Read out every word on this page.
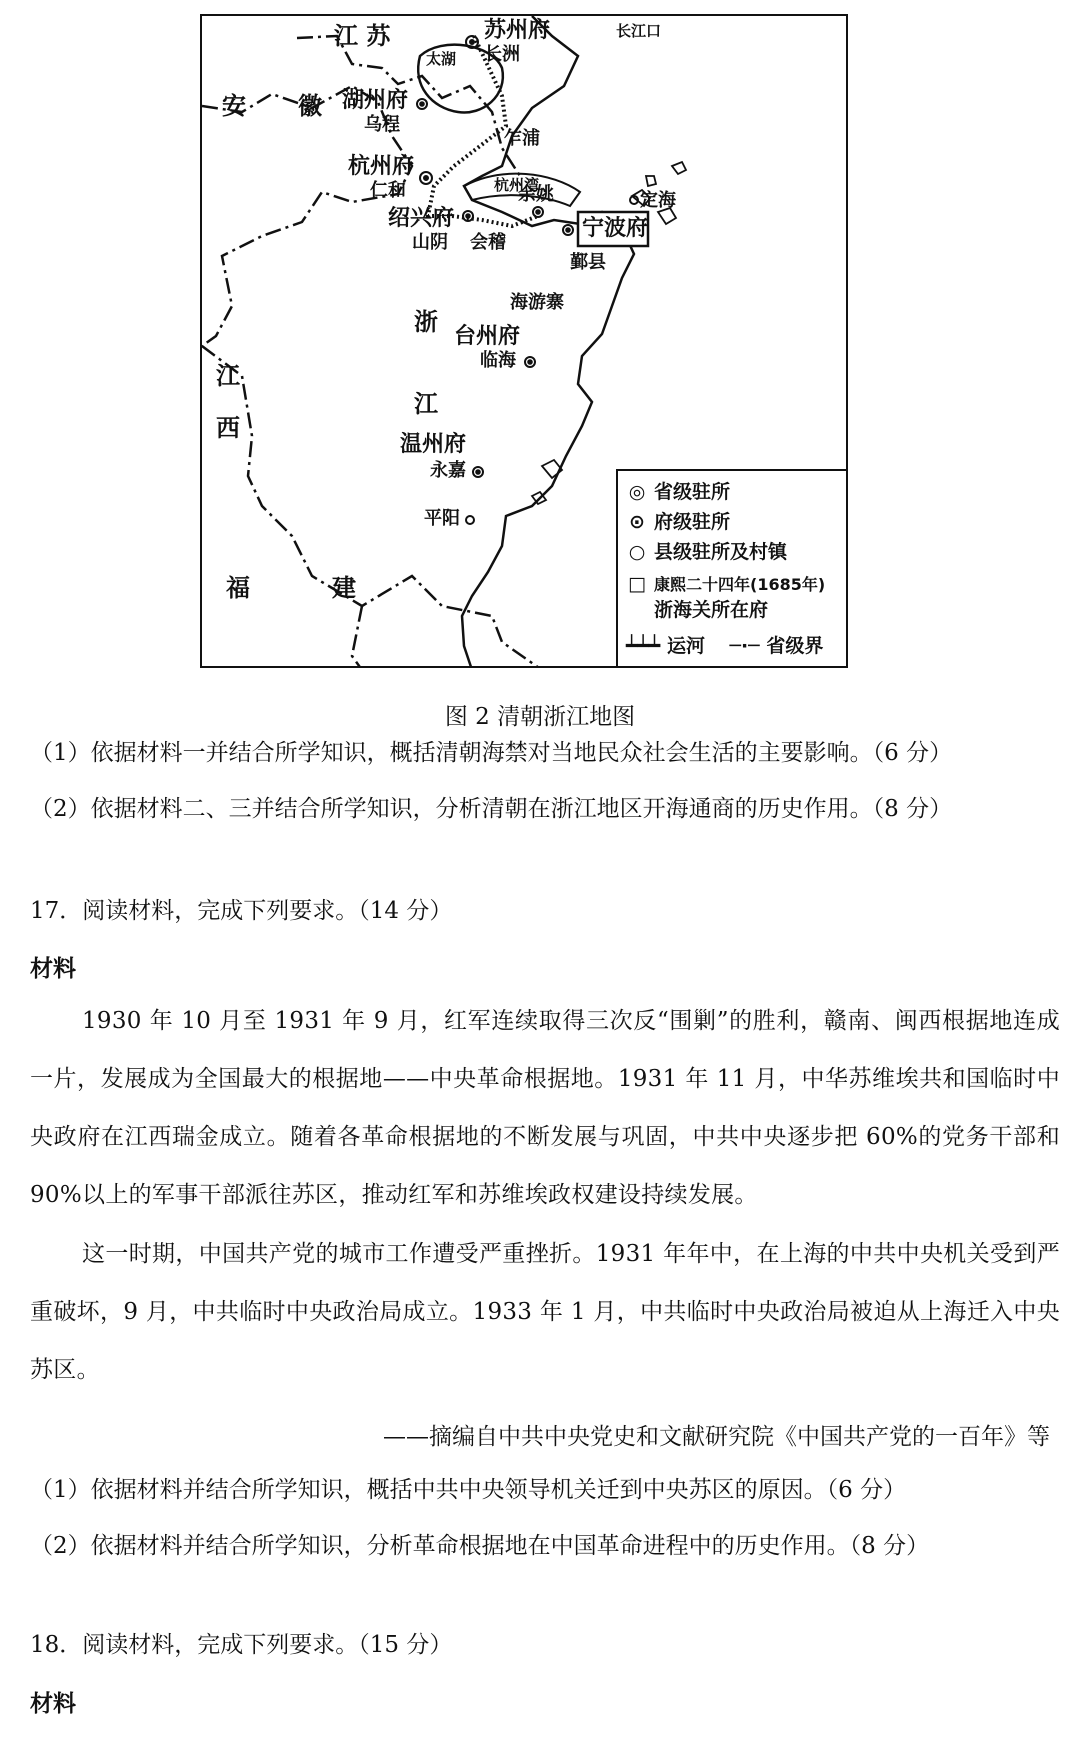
江 苏
安 徽
江
西
浙
江
福	建
太湖
苏州府
长洲
长江口
湖州府
乌程
乍浦
杭州府
仁和	杭州湾
绍兴府
山阴 会稽
余姚	定海
宁波府
鄞县
海游寨
台州府
临海
温州府
永嘉
平阳
◎ 省级驻所
⊙ 府级驻所
○ 县级驻所及村镇
□ 康熙二十四年(1685年)
浙海关所在府
┷┷┷ 运河 ─·─ 省级界
图 2 清朝浙江地图
（1）依据材料一并结合所学知识，概括清朝海禁对当地民众社会生活的主要影响。（6 分）
（2）依据材料二、三并结合所学知识，分析清朝在浙江地区开海通商的历史作用。（8 分）
17．阅读材料，完成下列要求。（14 分）
材料
1930 年 10 月至 1931 年 9 月，红军连续取得三次反“围剿”的胜利，赣南、闽西根据地连成一片，发展成为全国最大的根据地——中央革命根据地。1931 年 11 月，中华苏维埃共和国临时中央政府在江西瑞金成立。随着各革命根据地的不断发展与巩固，中共中央逐步把 60%的党务干部和 90%以上的军事干部派往苏区，推动红军和苏维埃政权建设持续发展。
这一时期，中国共产党的城市工作遭受严重挫折。1931 年年中，在上海的中共中央机关受到严重破坏，9 月，中共临时中央政治局成立。1933 年 1 月，中共临时中央政治局被迫从上海迁入中央苏区。
——摘编自中共中央党史和文献研究院《中国共产党的一百年》等
（1）依据材料并结合所学知识，概括中共中央领导机关迁到中央苏区的原因。（6 分）
（2）依据材料并结合所学知识，分析革命根据地在中国革命进程中的历史作用。（8 分）
18．阅读材料，完成下列要求。（15 分）
材料
